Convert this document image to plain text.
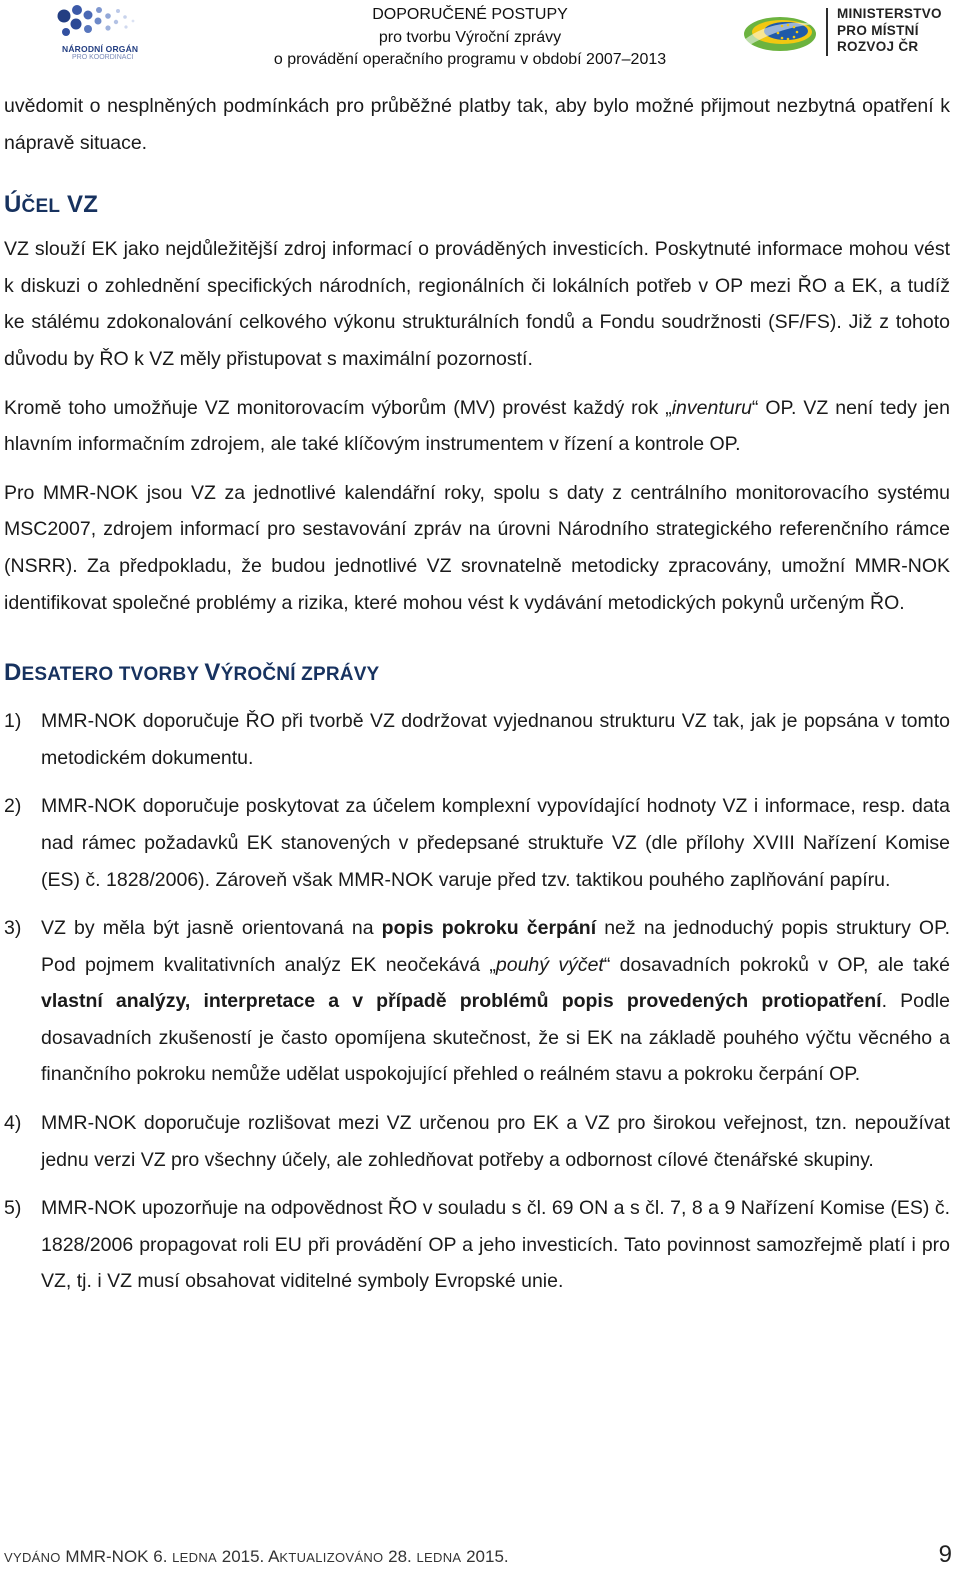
NÁRODNÍ ORGÁN
PRO KOORDINACI
DOPORUČENÉ POSTUPY
pro tvorbu Výroční zprávy
o provádění operačního programu v období 2007–2013
MINISTERSTVO
PRO MÍSTNÍ
ROZVOJ ČR

uvědomit o nesplněných podmínkách pro průběžné platby tak, aby bylo možné přijmout nezbytná opatření k nápravě situace.

ÚČEL VZ

VZ slouží EK jako nejdůležitější zdroj informací o prováděných investicích. Poskytnuté informace mohou vést k diskuzi o zohlednění specifických národních, regionálních či lokálních potřeb v OP mezi ŘO a EK, a tudíž ke stálému zdokonalování celkového výkonu strukturálních fondů a Fondu soudržnosti (SF/FS). Již z tohoto důvodu by ŘO k VZ měly přistupovat s maximální pozorností.

Kromě toho umožňuje VZ monitorovacím výborům (MV) provést každý rok „inventuru“ OP. VZ není tedy jen hlavním informačním zdrojem, ale také klíčovým instrumentem v řízení a kontrole OP.

Pro MMR-NOK jsou VZ za jednotlivé kalendářní roky, spolu s daty z centrálního monitorovacího systému MSC2007, zdrojem informací pro sestavování zpráv na úrovni Národního strategického referenčního rámce (NSRR). Za předpokladu, že budou jednotlivé VZ srovnatelně metodicky zpracovány, umožní MMR-NOK identifikovat společné problémy a rizika, které mohou vést k vydávání metodických pokynů určeným ŘO.

DESATERO TVORBY VÝROČNÍ ZPRÁVY
1) MMR-NOK doporučuje ŘO při tvorbě VZ dodržovat vyjednanou strukturu VZ tak, jak je popsána v tomto metodickém dokumentu.

2) MMR-NOK doporučuje poskytovat za účelem komplexní vypovídající hodnoty VZ i informace, resp. data nad rámec požadavků EK stanovených v předepsané struktuře VZ (dle přílohy XVIII Nařízení Komise (ES) č. 1828/2006). Zároveň však MMR-NOK varuje před tzv. taktikou pouhého zaplňování papíru.

3) VZ by měla být jasně orientovaná na popis pokroku čerpání než na jednoduchý popis struktury OP. Pod pojmem kvalitativních analýz EK neočekává „pouhý výčet“ dosavadních pokroků v OP, ale také vlastní analýzy, interpretace a v případě problémů popis provedených protiopatření. Podle dosavadních zkušeností je často opomíjena skutečnost, že si EK na základě pouhého výčtu věcného a finančního pokroku nemůže udělat uspokojující přehled o reálném stavu a pokroku čerpání OP.

4) MMR-NOK doporučuje rozlišovat mezi VZ určenou pro EK a VZ pro širokou veřejnost, tzn. nepoužívat jednu verzi VZ pro všechny účely, ale zohledňovat potřeby a odbornost cílové čtenářské skupiny.

5) MMR-NOK upozorňuje na odpovědnost ŘO v souladu s čl. 69 ON a s čl. 7, 8 a 9 Nařízení Komise (ES) č. 1828/2006 propagovat roli EU při provádění OP a jeho investicích. Tato povinnost samozřejmě platí i pro VZ, tj. i VZ musí obsahovat viditelné symboly Evropské unie.

VYDÁNO MMR-NOK 6. LEDNA 2015. AKTUALIZOVÁNO 28. LEDNA 2015.	9
